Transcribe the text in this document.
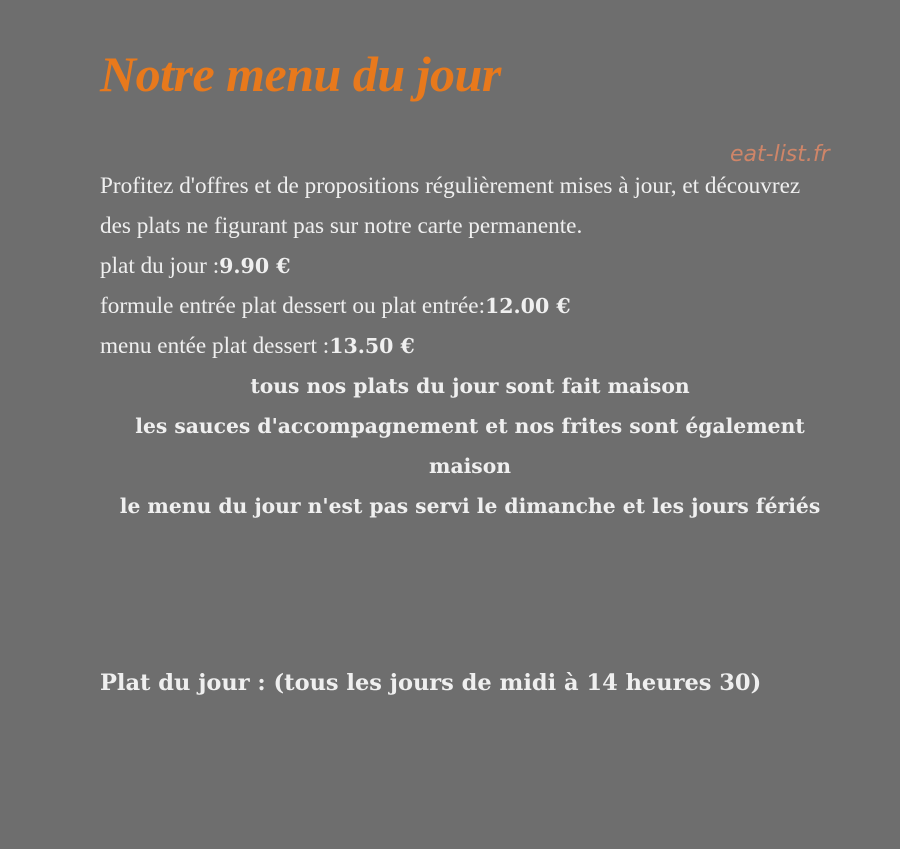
eat-list.fr
Notre menu du jour

Profitez d'offres et de propositions régulièrement mises à jour, et découvrez des plats ne figurant pas sur notre carte permanente.

plat du jour :9.90 €
formule entrée plat dessert ou plat entrée:12.00 €
menu entée plat dessert :13.50 €
tous nos plats du jour sont fait maison
les sauces d'accompagnement et nos frites sont également maison
le menu du jour n'est pas servi le dimanche et les jours fériés
Plat du jour : (tous les jours de midi à 14 heures 30)
